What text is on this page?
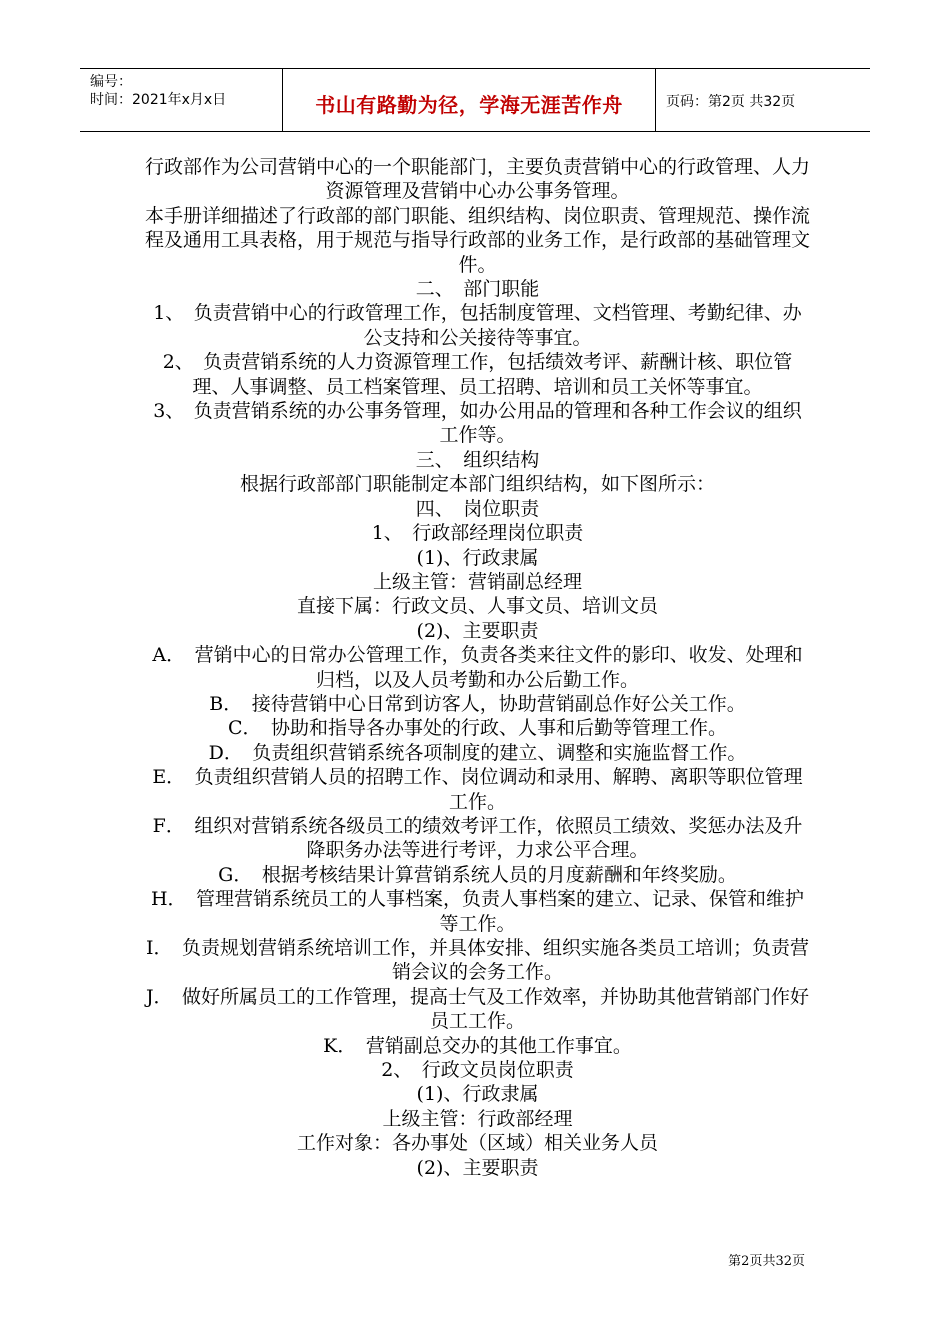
编号：
时间：2021年x月x日	书山有路勤为径，学海无涯苦作舟	页码：第2页 共32页

行政部作为公司营销中心的一个职能部门，主要负责营销中心的行政管理、人力资源管理及营销中心办公事务管理。

本手册详细描述了行政部的部门职能、组织结构、岗位职责、管理规范、操作流程及通用工具表格，用于规范与指导行政部的业务工作，是行政部的基础管理文件。

二、　部门职能

1、　负责营销中心的行政管理工作，包括制度管理、文档管理、考勤纪律、办公支持和公关接待等事宜。

2、　负责营销系统的人力资源管理工作，包括绩效考评、薪酬计核、职位管理、人事调整、员工档案管理、员工招聘、培训和员工关怀等事宜。

3、　负责营销系统的办公事务管理，如办公用品的管理和各种工作会议的组织工作等。

三、　组织结构

根据行政部部门职能制定本部门组织结构，如下图所示：

四、　岗位职责

1、　行政部经理岗位职责

(1)、行政隶属

上级主管：营销副总经理

直接下属：行政文员、人事文员、培训文员

(2)、主要职责

A．　营销中心的日常办公管理工作，负责各类来往文件的影印、收发、处理和归档，以及人员考勤和办公后勤工作。

B．　接待营销中心日常到访客人，协助营销副总作好公关工作。

C．　协助和指导各办事处的行政、人事和后勤等管理工作。

D．　负责组织营销系统各项制度的建立、调整和实施监督工作。

E．　负责组织营销人员的招聘工作、岗位调动和录用、解聘、离职等职位管理工作。

F．　组织对营销系统各级员工的绩效考评工作，依照员工绩效、奖惩办法及升降职务办法等进行考评，力求公平合理。

G．　根据考核结果计算营销系统人员的月度薪酬和年终奖励。

H．　管理营销系统员工的人事档案，负责人事档案的建立、记录、保管和维护等工作。

I．　负责规划营销系统培训工作，并具体安排、组织实施各类员工培训；负责营销会议的会务工作。

J．　做好所属员工的工作管理，提高士气及工作效率，并协助其他营销部门作好员工工作。

K．　营销副总交办的其他工作事宜。

2、　行政文员岗位职责

(1)、行政隶属

上级主管：行政部经理

工作对象：各办事处（区域）相关业务人员

(2)、主要职责

第2页共32页
